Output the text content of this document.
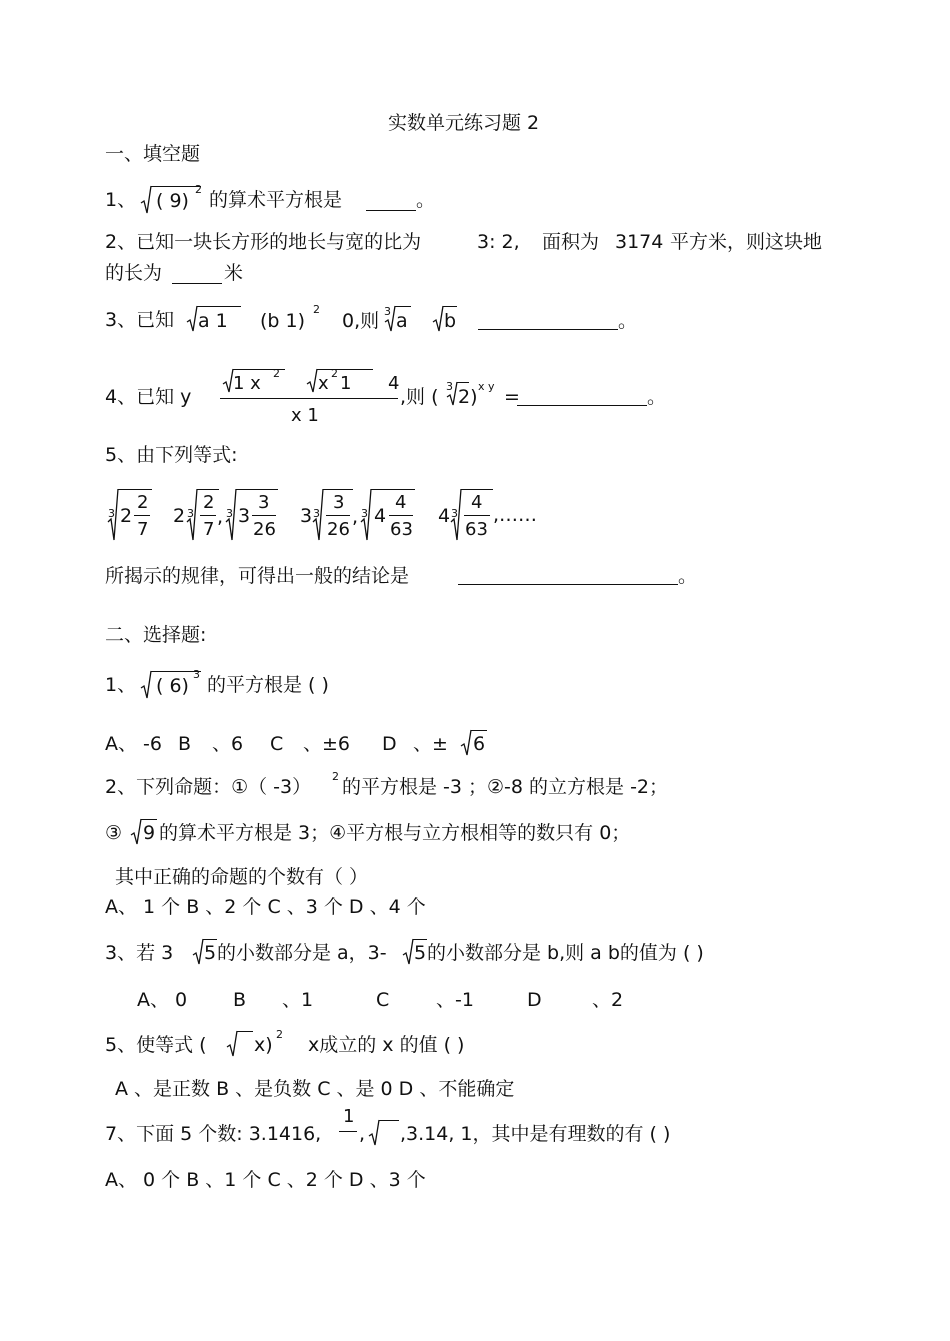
实数单元练习题 2
一、填空题
1、 ( 9)
2 的算术平方根是	。
2、已知一块长方形的地长与宽的比为	3: 2, 面积为 3174 平方米，则这块地
的长为	米
3、已知 a 1 (b 1)
2
0,则 3 a b	。
4、已知 y
1 x 2 x 2 1 4
x 1
,则 ( 3 2) x y =	。
5、由下列等式:
3 2
2
7
2 3
2
7
, 3 3
3
26
3 3
3
26
, 3 4
4
63
4 3
4
63
,……
所揭示的规律，可得出一般的结论是	。
二、选择题:
1、 ( 6)
3 的平方根是 ( )
A、 -6 B 、6 C 、±6 D 、± 6
2、下列命题：①（ -3） 2 的平方根是 -3 ；②-8 的立方根是 -2；
③ 9 的算术平方根是 3；④平方根与立方根相等的数只有 0；
其中正确的命题的个数有（ ）
A、 1 个 B 、2 个 C 、3 个 D 、4 个
3、若 3 5 的小数部分是 a，3- 5 的小数部分是 b,则 a b的值为 ( )
A、 0 B 、1	C 、-1	D	、2
5、使等式 ( x) 2 x成立的 x 的值 ( )
A 、是正数 B 、是负数 C 、是 0 D 、不能确定
7、下面 5 个数: 3.1416,
1
, ,3.14, 1，其中是有理数的有 ( )
A、 0 个 B 、1 个 C 、2 个 D 、3 个
